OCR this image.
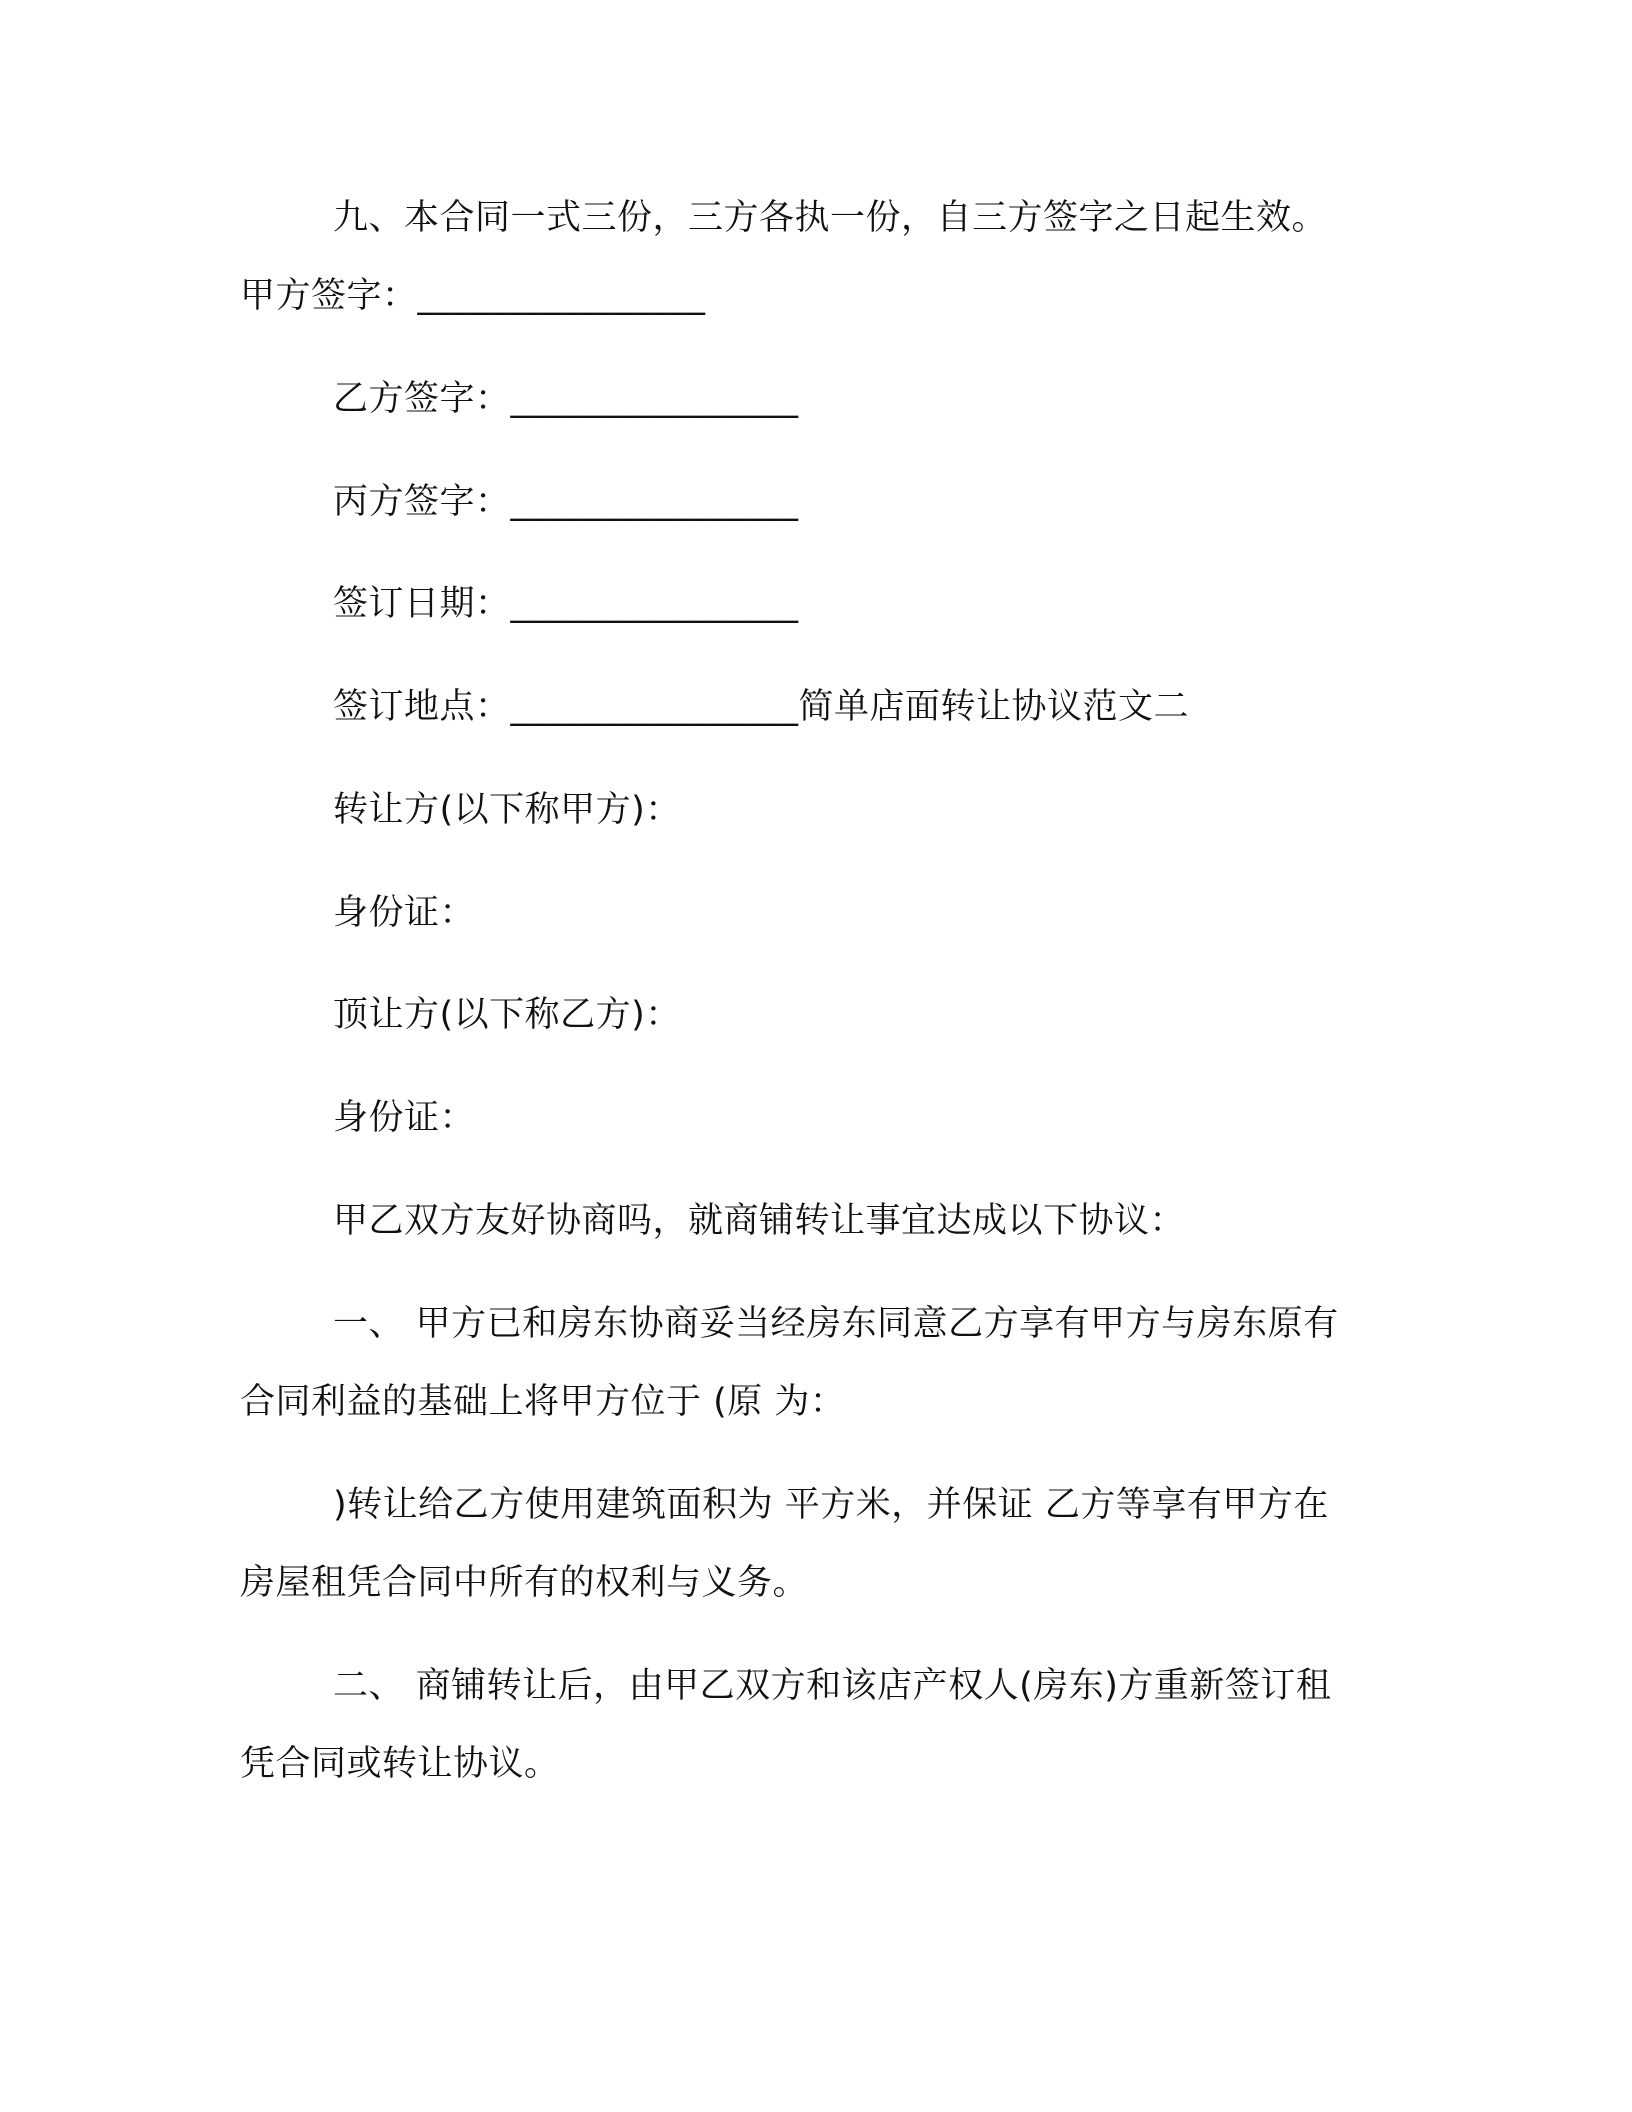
九、本合同一式三份，三方各执一份，自三方签字之日起生效。
甲方签字：________________
乙方签字：________________
丙方签字：________________
签订日期：________________
签订地点：________________简单店面转让协议范文二
转让方(以下称甲方)：
身份证：
顶让方(以下称乙方)：
身份证：
甲乙双方友好协商吗，就商铺转让事宜达成以下协议：
一、 甲方已和房东协商妥当经房东同意乙方享有甲方与房东原有
合同利益的基础上将甲方位于 (原 为：
)转让给乙方使用建筑面积为 平方米，并保证 乙方等享有甲方在
房屋租凭合同中所有的权利与义务。
二、 商铺转让后，由甲乙双方和该店产权人(房东)方重新签订租
凭合同或转让协议。
